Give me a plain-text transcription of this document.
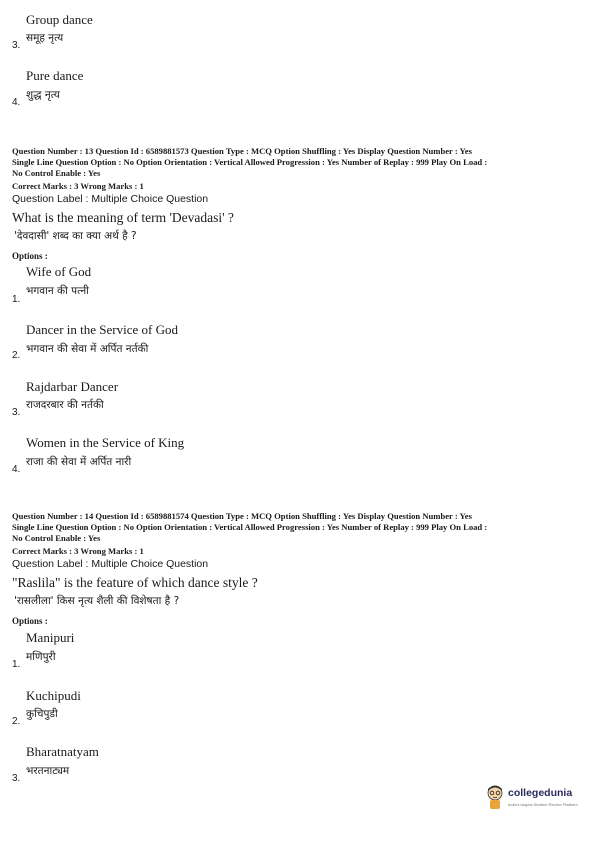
Group dance
समूह नृत्य
3.
Pure dance
शुद्ध नृत्य
4.
Question Number : 13 Question Id : 6589881573 Question Type : MCQ Option Shuffling : Yes Display Question Number : Yes
Single Line Question Option : No Option Orientation : Vertical Allowed Progression : Yes Number of Replay : 999 Play On Load :
No Control Enable : Yes
Correct Marks : 3 Wrong Marks : 1
Question Label : Multiple Choice Question
What is the meaning of term 'Devadasi' ?
'देवदासी' शब्द का क्या अर्थ है ?
Options :
Wife of God
भगवान की पत्नी
1.
Dancer in the Service of God
भगवान की सेवा में अर्पित नर्तकी
2.
Rajdarbar Dancer
राजदरबार की नर्तकी
3.
Women in the Service of King
राजा की सेवा में अर्पित नारी
4.
Question Number : 14 Question Id : 6589881574 Question Type : MCQ Option Shuffling : Yes Display Question Number : Yes
Single Line Question Option : No Option Orientation : Vertical Allowed Progression : Yes Number of Replay : 999 Play On Load :
No Control Enable : Yes
Correct Marks : 3 Wrong Marks : 1
Question Label : Multiple Choice Question
"Raslila" is the feature of which dance style ?
'रासलीला' किस नृत्य शैली की विशेषता है ?
Options :
Manipuri
मणिपुरी
1.
Kuchipudi
कुचिपुडी
2.
Bharatnatyam
भरतनाट्यम
3.
collegedunia
India's largest Student Review Platform
